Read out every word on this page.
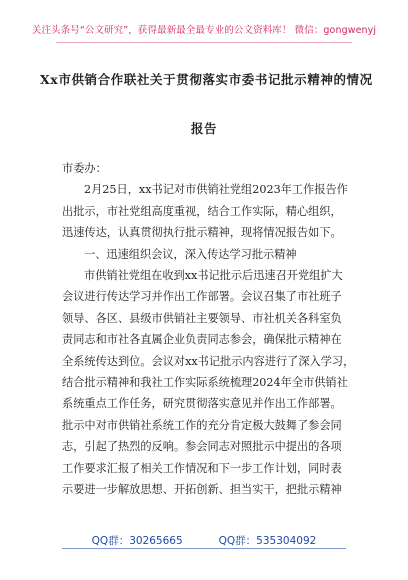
关注头条号“公文研究”，获得最新最全最专业的公文资料库！ 微信：gongwenyj
Xx市供销合作联社关于贯彻落实市委书记批示精神的情况
报告

市委办：

2月25日，xx书记对市供销社党组2023年工作报告作

出批示，市社党组高度重视，结合工作实际，精心组织，

迅速传达，认真贯彻执行批示精神，现将情况报告如下。

一、迅速组织会议，深入传达学习批示精神

市供销社党组在收到xx书记批示后迅速召开党组扩大

会议进行传达学习并作出工作部署。会议召集了市社班子

领导、各区、县级市供销社主要领导、市社机关各科室负

责同志和市社各直属企业负责同志参会，确保批示精神在

全系统传达到位。会议对xx书记批示内容进行了深入学习，

结合批示精神和我社工作实际系统梳理2024年全市供销社

系统重点工作任务，研究贯彻落实意见并作出工作部署。

批示中对市供销社系统工作的充分肯定极大鼓舞了参会同

志，引起了热烈的反响。参会同志对照批示中提出的各项

工作要求汇报了相关工作情况和下一步工作计划，同时表

示要进一步解放思想、开拓创新、担当实干，把批示精神

QQ群：30265665	QQ群：535304092
